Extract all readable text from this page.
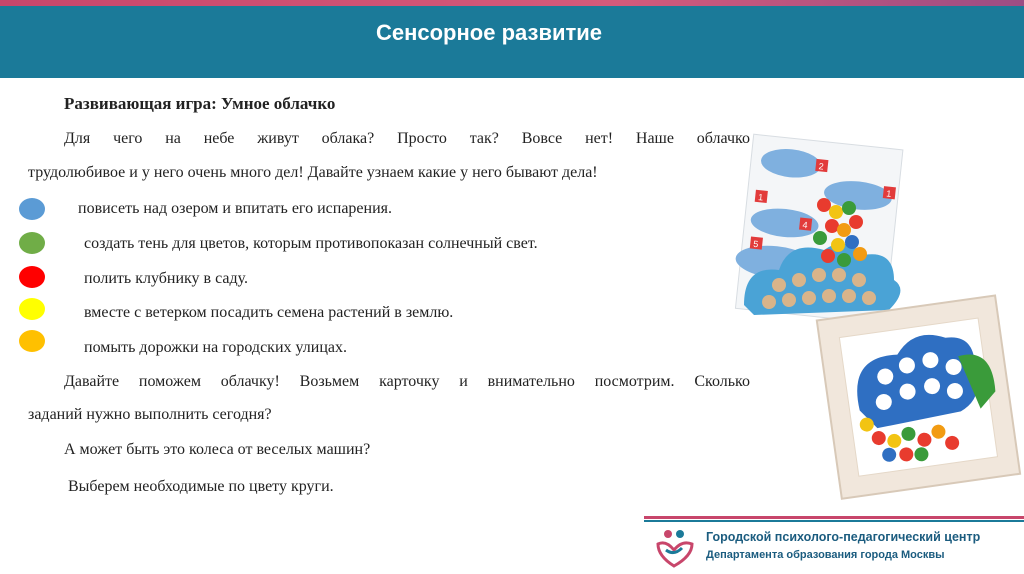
Сенсорное развитие
Развивающая игра: Умное облачко
Для чего на небе живут облака? Просто так? Вовсе нет! Наше облачко
трудолюбивое и у него очень много дел! Давайте узнаем какие у него бывают дела!
повисеть над озером и впитать его испарения.
создать тень для цветов, которым противопоказан солнечный свет.
полить клубнику в саду.
вместе с ветерком посадить семена растений в землю.
помыть дорожки на городских улицах.
Давайте поможем облачку! Возьмем карточку и внимательно посмотрим. Сколько
заданий нужно выполнить сегодня?
А может быть это колеса от веселых машин?
Выберем необходимые по цвету круги.
2
1
1
4
5
Городской психолого-педагогический центр
Департамента образования города Москвы
